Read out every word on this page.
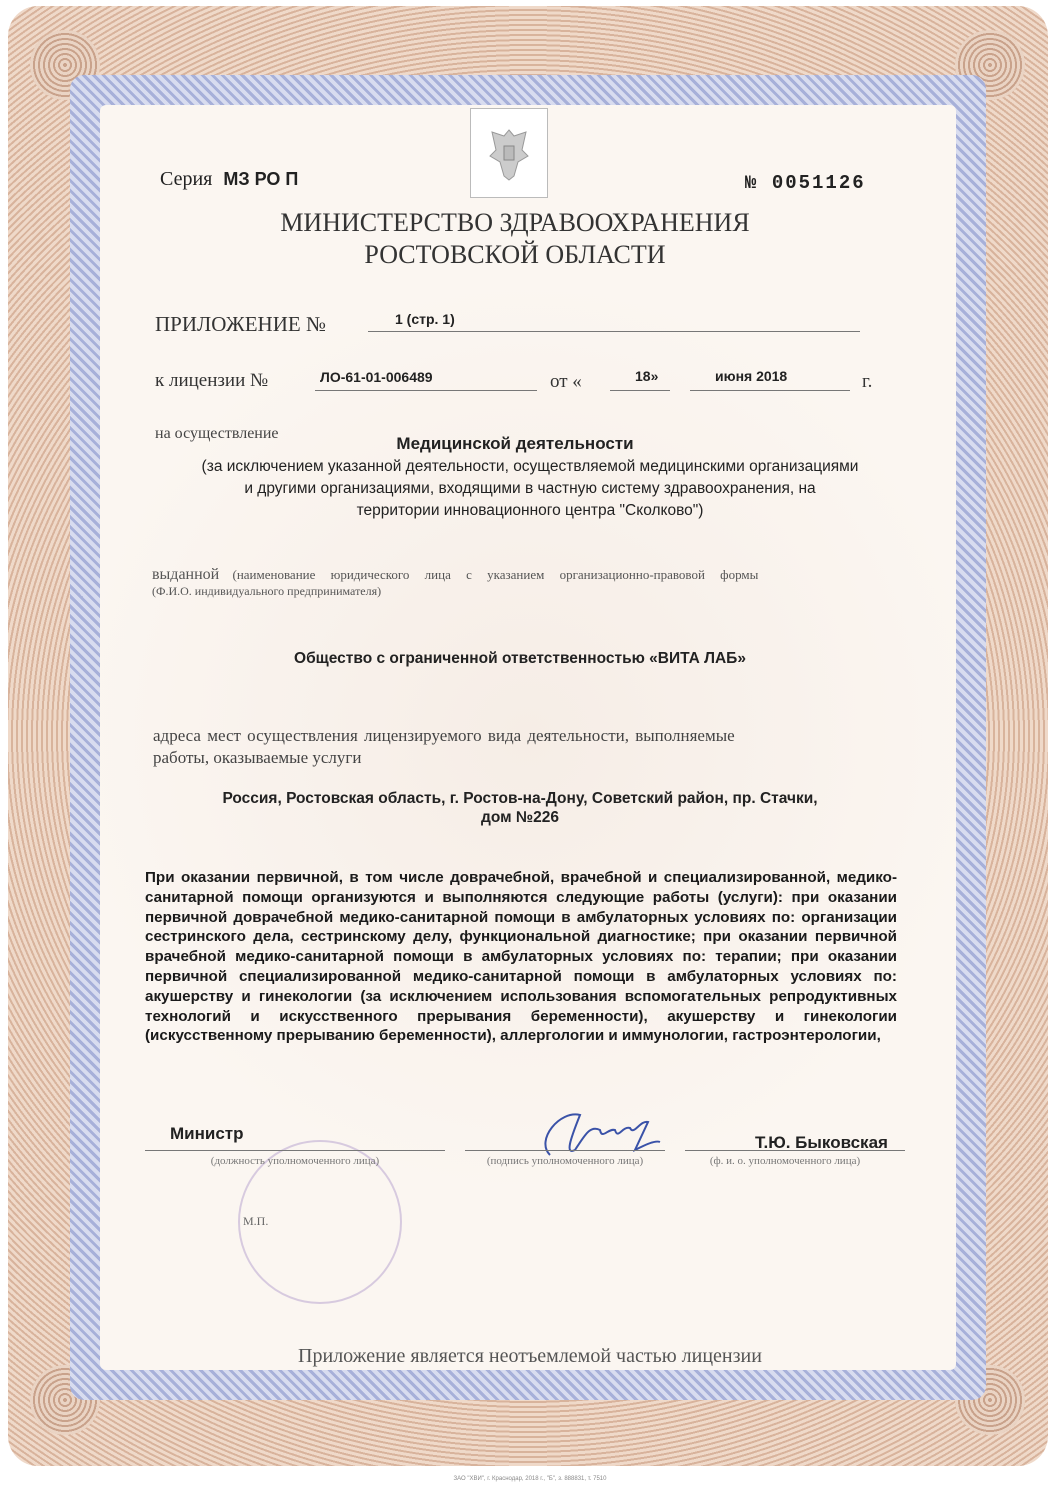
Серия МЗ РО П	№ 0051126
МИНИСТЕРСТВО ЗДРАВООХРАНЕНИЯ
РОСТОВСКОЙ ОБЛАСТИ
ПРИЛОЖЕНИЕ №	1 (стр. 1)
к лицензии №	ЛО-61-01-006489	от «	18»	июня 2018	г.
на осуществление
Медицинской деятельности
(за исключением указанной деятельности, осуществляемой медицинскими организациями
и другими организациями, входящими в частную систему здравоохранения, на
территории инновационного центра "Сколково")
выданной (наименование юридического лица с указанием организационно-правовой формы
(Ф.И.О. индивидуального предпринимателя)
Общество с ограниченной ответственностью «ВИТА ЛАБ»
адреса мест осуществления лицензируемого вида деятельности, выполняемые
работы, оказываемые услуги
Россия, Ростовская область, г. Ростов-на-Дону, Советский район, пр. Стачки,
дом №226
При оказании первичной, в том числе доврачебной, врачебной и специализированной, медико-санитарной помощи организуются и выполняются следующие работы (услуги): при оказании первичной доврачебной медико-санитарной помощи в амбулаторных условиях по: организации сестринского дела, сестринскому делу, функциональной диагностике; при оказании первичной врачебной медико-санитарной помощи в амбулаторных условиях по: терапии; при оказании первичной специализированной медико-санитарной помощи в амбулаторных условиях по: акушерству и гинекологии (за исключением использования вспомогательных репродуктивных технологий и искусственного прерывания беременности), акушерству и гинекологии (искусственному прерыванию беременности), аллергологии и иммунологии, гастроэнтерологии,
Министр
(должность уполномоченного лица)	(подпись уполномоченного лица)
Т.Ю. Быковская
(ф. и. о. уполномоченного лица)
М.П.
Приложение является неотъемлемой частью лицензии
ЗАО "ХВИ", г. Краснодар, 2018 г., "Б", з. 888831, т. 7510
